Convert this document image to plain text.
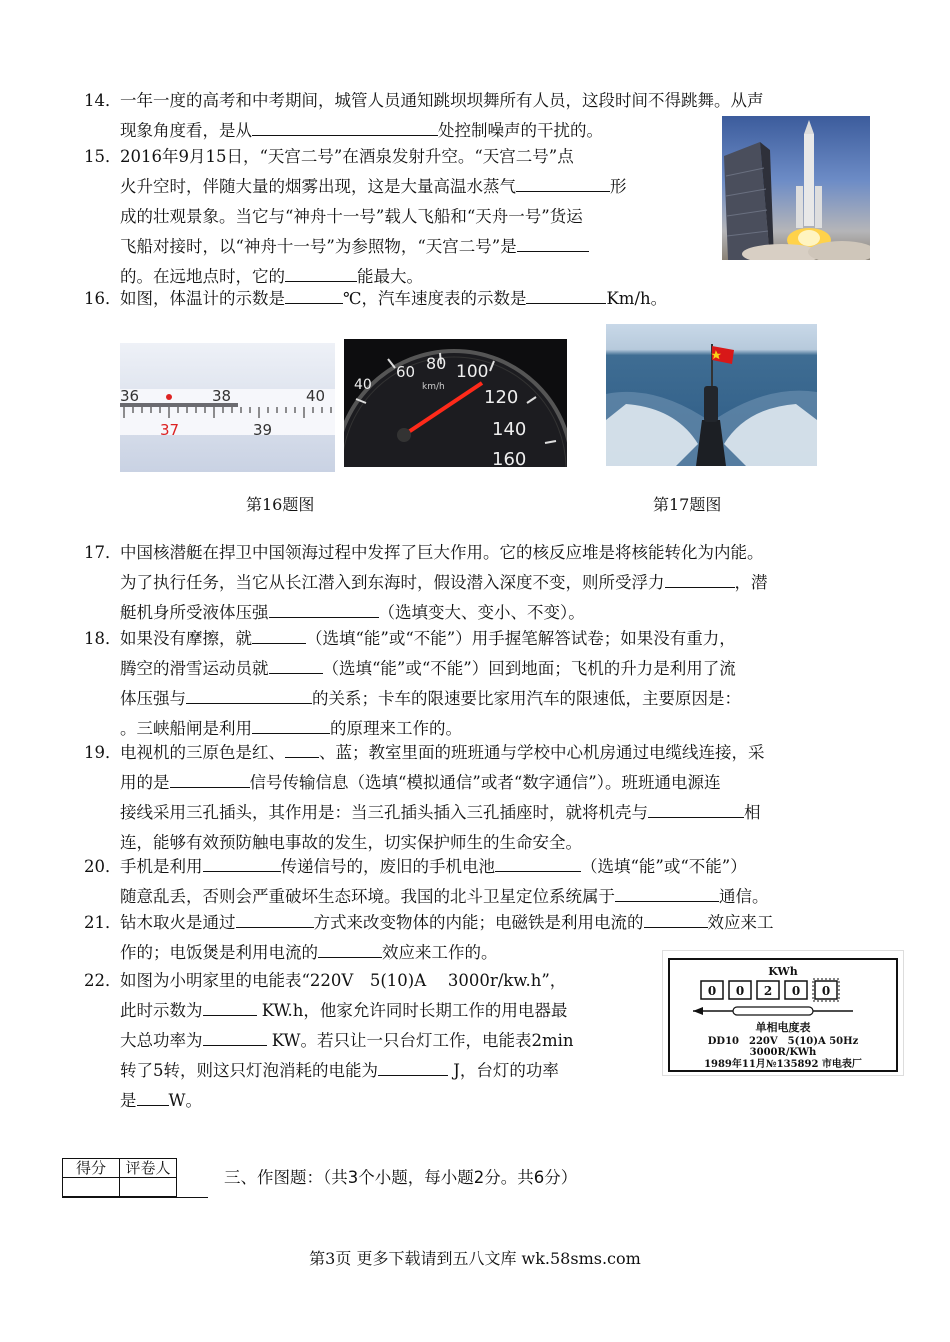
14．一年一度的高考和中考期间，城管人员通知跳坝坝舞所有人员，这段时间不得跳舞。从声
现象角度看，是从	处控制噪声的干扰的。
15．2016年9月15日，“天宫二号”在酒泉发射升空。“天宫二号”点
火升空时，伴随大量的烟雾出现，这是大量高温水蒸气	形
成的壮观景象。当它与“神舟十一号”载人飞船和“天舟一号”货运
飞船对接时，以“神舟十一号”为参照物，“天宫二号”是
的。在远地点时，它的	能最大。
16．如图，体温计的示数是	℃，汽车速度表的示数是	Km/h。
36	38	40
37	39
40
60 80 100
120
140
160
km/h
第16题图	第17题图
17．中国核潜艇在捍卫中国领海过程中发挥了巨大作用。它的核反应堆是将核能转化为内能。
为了执行任务，当它从长江潜入到东海时，假设潜入深度不变，则所受浮力	，潜
艇机身所受液体压强	（选填变大、变小、不变）。
18．如果没有摩擦，就	（选填“能”或“不能”）用手握笔解答试卷；如果没有重力，
腾空的滑雪运动员就	（选填“能”或“不能”）回到地面；飞机的升力是利用了流
体压强与	的关系；卡车的限速要比家用汽车的限速低，主要原因是：
。三峡船闸是利用	的原理来工作的。
19．电视机的三原色是红、 、蓝；教室里面的班班通与学校中心机房通过电缆线连接，采
用的是	信号传输信息（选填“模拟通信”或者“数字通信”）。班班通电源连
接线采用三孔插头，其作用是：当三孔插头插入三孔插座时，就将机壳与	相
连，能够有效预防触电事故的发生，切实保护师生的生命安全。
20．手机是利用	传递信号的，废旧的手机电池	（选填“能”或“不能”）
随意乱丢，否则会严重破坏生态环境。我国的北斗卫星定位系统属于	通信。
21．钻木取火是通过	方式来改变物体的内能；电磁铁是利用电流的	效应来工
作的；电饭煲是利用电流的	效应来工作的。
22．如图为小明家里的电能表“220V　5(10)A　 3000r/kw.h”，
此时示数为	KW.h，他家允许同时长期工作的用电器最
大总功率为	KW。若只让一只台灯工作，电能表2min
转了5转，则这只灯泡消耗的电能为	J，台灯的功率
是 W。
KWh
0 0 2 0 0
单相电度表
DD10　220V　5(10)A 50Hz
3000R/KWh
1989年11月№135892 市电表厂
得分	评卷人
		三、作图题：（共3个小题，每小题2分。共6分）
第3页 更多下载请到五八文库 wk.58sms.com
